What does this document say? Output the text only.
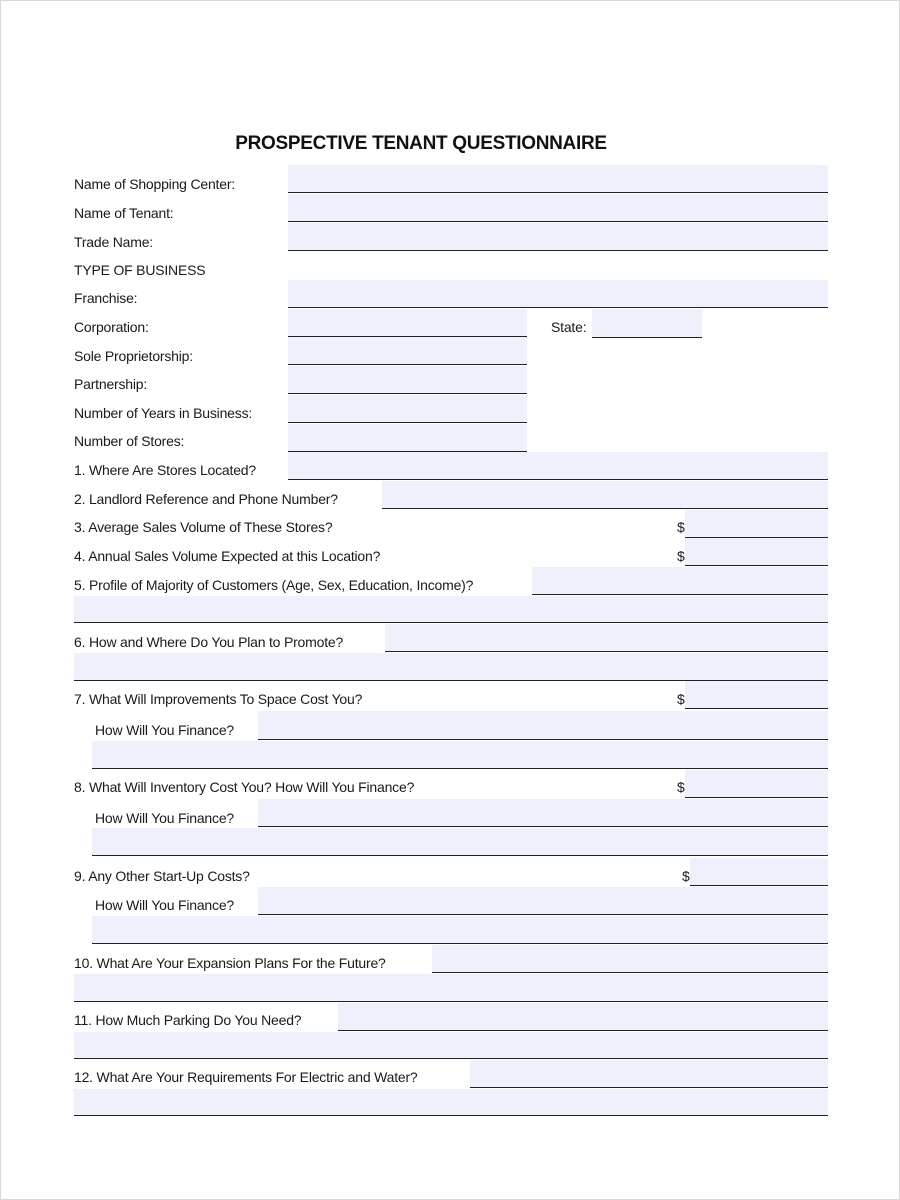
PROSPECTIVE TENANT QUESTIONNAIRE
Name of Shopping Center:
Name of Tenant:
Trade Name:
TYPE OF BUSINESS
Franchise:
Corporation:	State:
Sole Proprietorship:
Partnership:
Number of Years in Business:
Number of Stores:
1. Where Are Stores Located?
2. Landlord Reference and Phone Number?
3. Average Sales Volume of These Stores?	$
4. Annual Sales Volume Expected at this Location?	$
5. Profile of Majority of Customers (Age, Sex, Education, Income)?
6. How and Where Do You Plan to Promote?
7. What Will Improvements To Space Cost You?	$
How Will You Finance?
8. What Will Inventory Cost You? How Will You Finance?	$
How Will You Finance?
9. Any Other Start-Up Costs?	$
How Will You Finance?
10. What Are Your Expansion Plans For the Future?
11. How Much Parking Do You Need?
12. What Are Your Requirements For Electric and Water?
